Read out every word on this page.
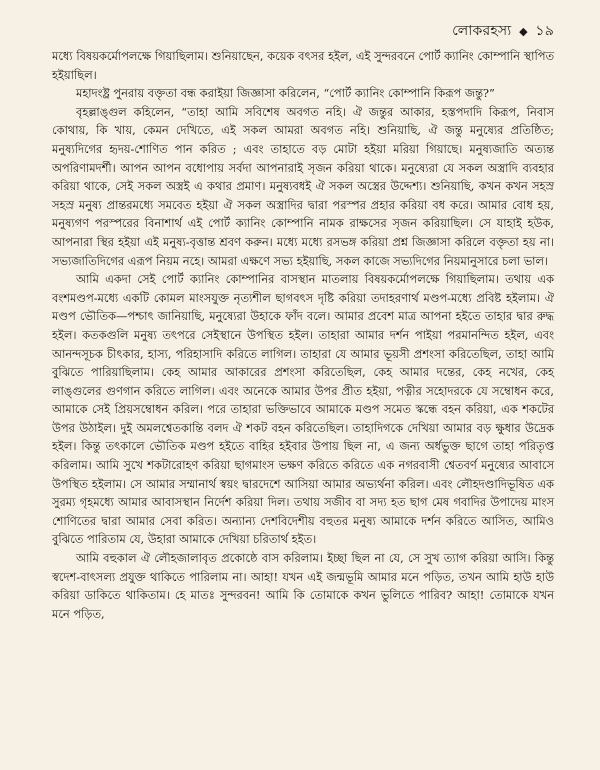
লোকরহস্য ◆ ১৯

মধ্যে বিষয়কর্মোপলক্ষে গিয়াছিলাম। শুনিয়াছেন, কয়েক বৎসর হইল, এই সুন্দরবনে পোর্ট ক্যানিং কোম্পানি স্থাপিত হইয়াছিল।

মহাদংষ্ট্র পুনরায় বক্তৃতা বন্ধ করাইয়া জিজ্ঞাসা করিলেন, “পোর্ট ক্যানিং কোম্পানি কিরূপ জন্তু?”

বৃহল্লাঙ্গুল কহিলেন, “তাহা আমি সবিশেষ অবগত নহি। ঐ জন্তুর আকার, হস্তপদাদি কিরূপ, নিবাস কোথায়, কি খায়, কেমন দেখিতে, এই সকল আমরা অবগত নহি। শুনিয়াছি, ঐ জন্তু মনুষ্যের প্রতিষ্ঠিত; মনুষ্যদিগের হৃদয়-শোণিত পান করিত ; এবং তাহাতে বড় মোটা হইয়া মরিয়া গিয়াছে। মনুষ্যজাতি অত্যন্ত অপরিণামদর্শী। আপন আপন বধোপায় সর্বদা আপনারাই সৃজন করিয়া থাকে। মনুষ্যেরা যে সকল অস্ত্রাদি ব্যবহার করিয়া থাকে, সেই সকল অস্ত্রই এ কথার প্রমাণ। মনুষ্যবধই ঐ সকল অস্ত্রের উদ্দেশ্য। শুনিয়াছি, কখন কখন সহস্র সহস্র মনুষ্য প্রান্তরমধ্যে সমবেত হইয়া ঐ সকল অস্ত্রাদির দ্বারা পরস্পর প্রহার করিয়া বধ করে। আমার বোধ হয়, মনুষ্যগণ পরস্পরের বিনাশার্থ এই পোর্ট ক্যানিং কোম্পানি নামক রাক্ষসের সৃজন করিয়াছিল। সে যাহাই হউক, আপনারা স্থির হইয়া এই মনুষ্য-বৃত্তান্ত শ্রবণ করুন। মধ্যে মধ্যে রসভঙ্গ করিয়া প্রশ্ন জিজ্ঞাসা করিলে বক্তৃতা হয় না। সভ্যজাতিদিগের এরূপ নিয়ম নহে। আমরা এক্ষণে সভ্য হইয়াছি, সকল কাজে সভ্যদিগের নিয়মানুসারে চলা ভাল।

আমি একদা সেই পোর্ট ক্যানিং কোম্পানির বাসস্থান মাতলায় বিষয়কর্মোপলক্ষে গিয়াছিলাম। তথায় এক বংশমণ্ডপ-মধ্যে একটি কোমল মাংসযুক্ত নৃত্যশীল ছাগবৎস দৃষ্টি করিয়া তদাহরণার্থ মণ্ডপ-মধ্যে প্রবিষ্ট হইলাম। ঐ মণ্ডপ ভৌতিক—পশ্চাৎ জানিয়াছি, মনুষ্যেরা উহাকে ফাঁদ বলে। আমার প্রবেশ মাত্র আপনা হইতে তাহার দ্বার রুদ্ধ হইল। কতকগুলি মনুষ্য তৎপরে সেইস্থানে উপস্থিত হইল। তাহারা আমার দর্শন পাইয়া পরমানন্দিত হইল, এবং আনন্দসূচক চীৎকার, হাস্য, পরিহাসাদি করিতে লাগিল। তাহারা যে আমার ভূয়সী প্রশংসা করিতেছিল, তাহা আমি বুঝিতে পারিয়াছিলাম। কেহ আমার আকারের প্রশংসা করিতেছিল, কেহ আমার দন্তের, কেহ নখের, কেহ লাঙ্গুলের গুণগান করিতে লাগিল। এবং অনেকে আমার উপর প্রীত হইয়া, পত্নীর সহোদরকে যে সম্বোধন করে, আমাকে সেই প্রিয়সম্বোধন করিল। পরে তাহারা ভক্তিভাবে আমাকে মণ্ডপ সমেত স্কন্ধে বহন করিয়া, এক শকটের উপর উঠাইল। দুই অমলশ্বেতকান্তি বলদ ঐ শকট বহন করিতেছিল। তাহাদিগকে দেখিয়া আমার বড় ক্ষুধার উদ্রেক হইল। কিন্তু তৎকালে ভৌতিক মণ্ডপ হইতে বাহির হইবার উপায় ছিল না, এ জন্য অর্ধভুক্ত ছাগে তাহা পরিতৃপ্ত করিলাম। আমি সুখে শকটারোহণ করিয়া ছাগমাংস ভক্ষণ করিতে করিতে এক নগরবাসী শ্বেতবর্ণ মনুষ্যের আবাসে উপস্থিত হইলাম। সে আমার সম্মানার্থ স্বয়ং দ্বারদেশে আসিয়া আমার অভ্যর্থনা করিল। এবং লৌহদণ্ডাদিভূষিত এক সুরম্য গৃহমধ্যে আমার আবাসস্থান নির্দেশ করিয়া দিল। তথায় সজীব বা সদ্য হত ছাগ মেষ গবাদির উপাদেয় মাংস শোণিতের দ্বারা আমার সেবা করিত। অন্যান্য দেশবিদেশীয় বহুতর মনুষ্য আমাকে দর্শন করিতে আসিত, আমিও বুঝিতে পারিতাম যে, উহারা আমাকে দেখিয়া চরিতার্থ হইত।

আমি বহুকাল ঐ লৌহজালাবৃত প্রকোষ্ঠে বাস করিলাম। ইচ্ছা ছিল না যে, সে সুখ ত্যাগ করিয়া আসি। কিন্তু স্বদেশ-বাৎসল্য প্রযুক্ত থাকিতে পারিলাম না। আহা! যখন এই জন্মভূমি আমার মনে পড়িত, তখন আমি হাউ হাউ করিয়া ডাকিতে থাকিতাম। হে মাতঃ সুন্দরবন! আমি কি তোমাকে কখন ভুলিতে পারিব? আহা! তোমাকে যখন মনে পড়িত,
